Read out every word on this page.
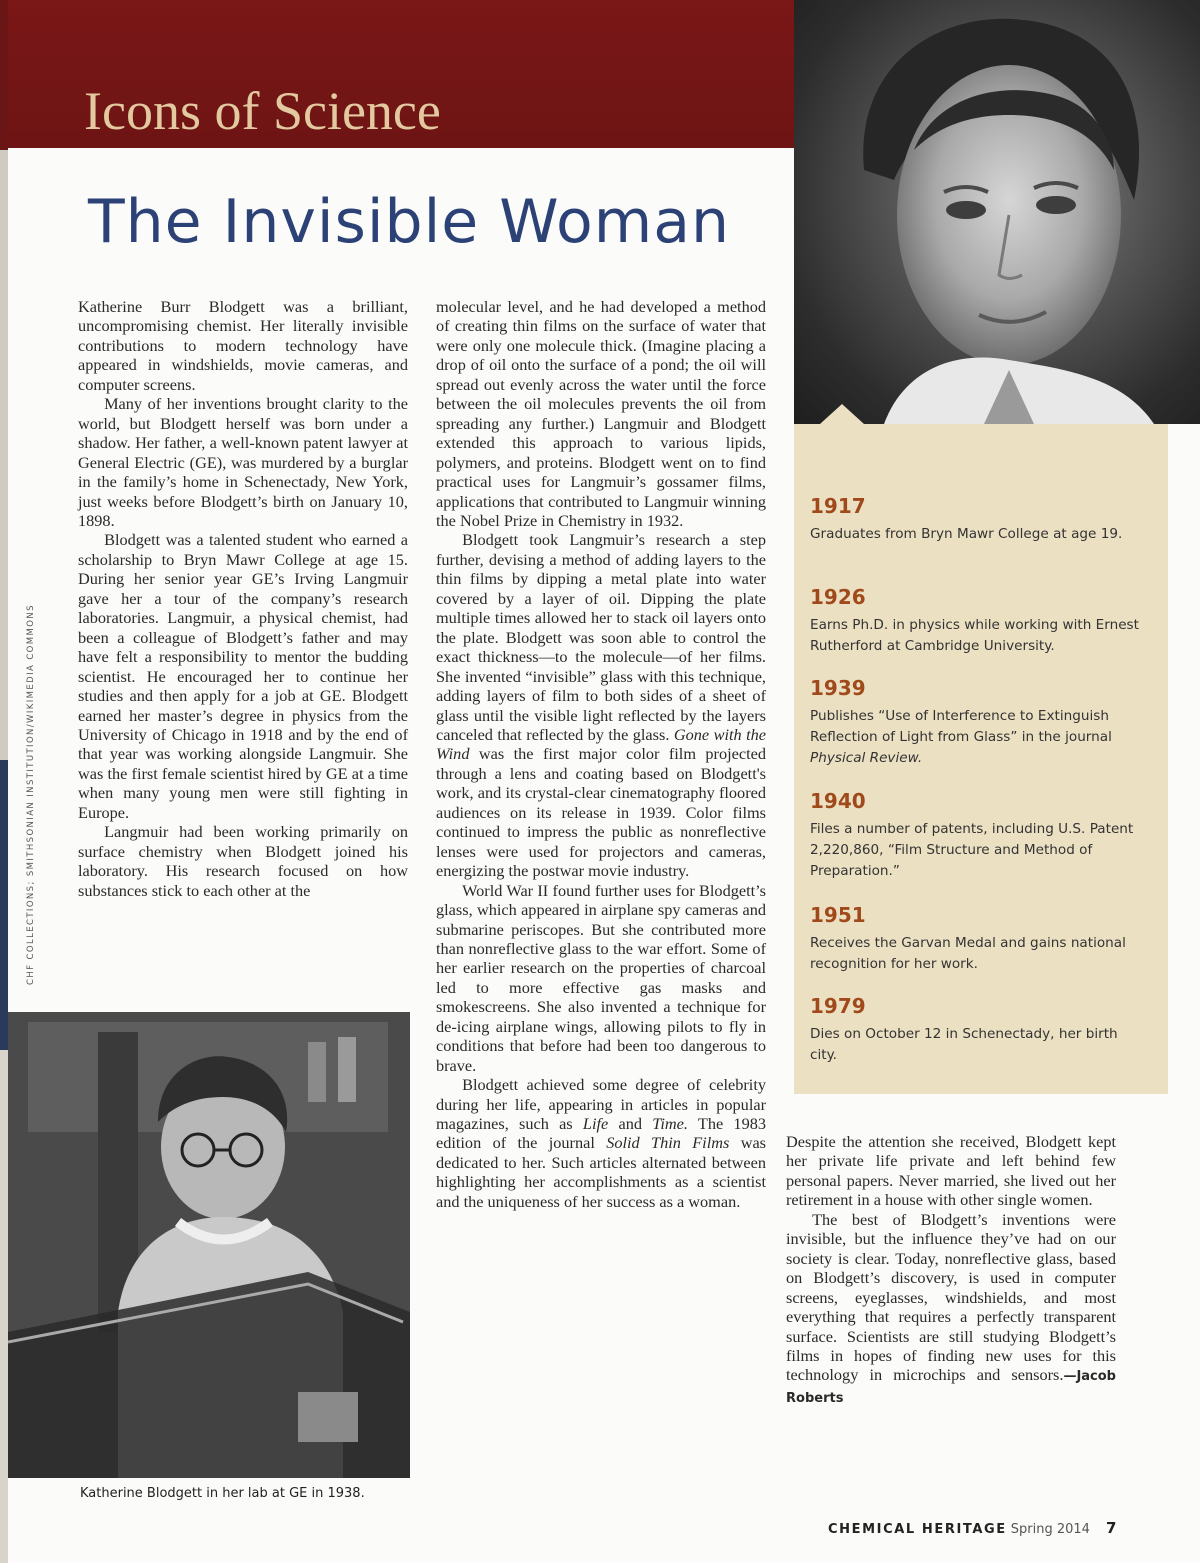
Icons of Science
The Invisible Woman
CHF COLLECTIONS; SMITHSONIAN INSTITUTION/WIKIMEDIA COMMONS

Katherine Burr Blodgett was a brilliant, uncompromising chemist. Her literally invisible contributions to modern technology have appeared in windshields, movie cameras, and computer screens.

Many of her inventions brought clarity to the world, but Blodgett herself was born under a shadow. Her father, a well-known patent lawyer at General Electric (GE), was murdered by a burglar in the family’s home in Schenectady, New York, just weeks before Blodgett’s birth on January 10, 1898.

Blodgett was a talented student who earned a scholarship to Bryn Mawr College at age 15. During her senior year GE’s Irving Langmuir gave her a tour of the company’s research laboratories. Langmuir, a physical chemist, had been a colleague of Blodgett’s father and may have felt a responsibility to mentor the budding scientist. He encouraged her to continue her studies and then apply for a job at GE. Blodgett earned her master’s degree in physics from the University of Chicago in 1918 and by the end of that year was working alongside Langmuir. She was the first female scientist hired by GE at a time when many young men were still fighting in Europe.

Langmuir had been working primarily on surface chemistry when Blodgett joined his laboratory. His research focused on how substances stick to each other at the

molecular level, and he had developed a method of creating thin films on the surface of water that were only one molecule thick. (Imagine placing a drop of oil onto the surface of a pond; the oil will spread out evenly across the water until the force between the oil molecules prevents the oil from spreading any further.) Langmuir and Blodgett extended this approach to various lipids, polymers, and proteins. Blodgett went on to find practical uses for Langmuir’s gossamer films, applications that contributed to Langmuir winning the Nobel Prize in Chemistry in 1932.

Blodgett took Langmuir’s research a step further, devising a method of adding layers to the thin films by dipping a metal plate into water covered by a layer of oil. Dipping the plate multiple times allowed her to stack oil layers onto the plate. Blodgett was soon able to control the exact thickness—to the molecule—of her films. She invented “invisible” glass with this technique, adding layers of film to both sides of a sheet of glass until the visible light reflected by the layers canceled that reflected by the glass. Gone with the Wind was the first major color film projected through a lens and coating based on Blodgett's work, and its crystal-clear cinematography floored audiences on its release in 1939. Color films continued to impress the public as nonreflective lenses were used for projectors and cameras, energizing the postwar movie industry.

World War II found further uses for Blodgett’s glass, which appeared in airplane spy cameras and submarine periscopes. But she contributed more than nonreflective glass to the war effort. Some of her earlier research on the properties of charcoal led to more effective gas masks and smokescreens. She also invented a technique for de-icing airplane wings, allowing pilots to fly in conditions that before had been too dangerous to brave.

Blodgett achieved some degree of celebrity during her life, appearing in articles in popular magazines, such as Life and Time. The 1983 edition of the journal Solid Thin Films was dedicated to her. Such articles alternated between highlighting her accomplishments as a scientist and the uniqueness of her success as a woman.

1917

Graduates from Bryn Mawr College at age 19.

1926

Earns Ph.D. in physics while working with Ernest Rutherford at Cambridge University.

1939

Publishes “Use of Interference to Extinguish Reflection of Light from Glass” in the journal Physical Review.

1940

Files a number of patents, including U.S. Patent 2,220,860, “Film Structure and Method of Preparation.”

1951

Receives the Garvan Medal and gains national recognition for her work.

1979

Dies on October 12 in Schenectady, her birth city.

Katherine Blodgett in her lab at GE in 1938.

Despite the attention she received, Blodgett kept her private life private and left behind few personal papers. Never married, she lived out her retirement in a house with other single women.

The best of Blodgett’s inventions were invisible, but the influence they’ve had on our society is clear. Today, nonreflective glass, based on Blodgett’s discovery, is used in computer screens, eyeglasses, windshields, and most everything that requires a perfectly transparent surface. Scientists are still studying Blodgett’s films in hopes of finding new uses for this technology in microchips and sensors.—Jacob Roberts

CHEMICAL HERITAGE Spring 2014 7
